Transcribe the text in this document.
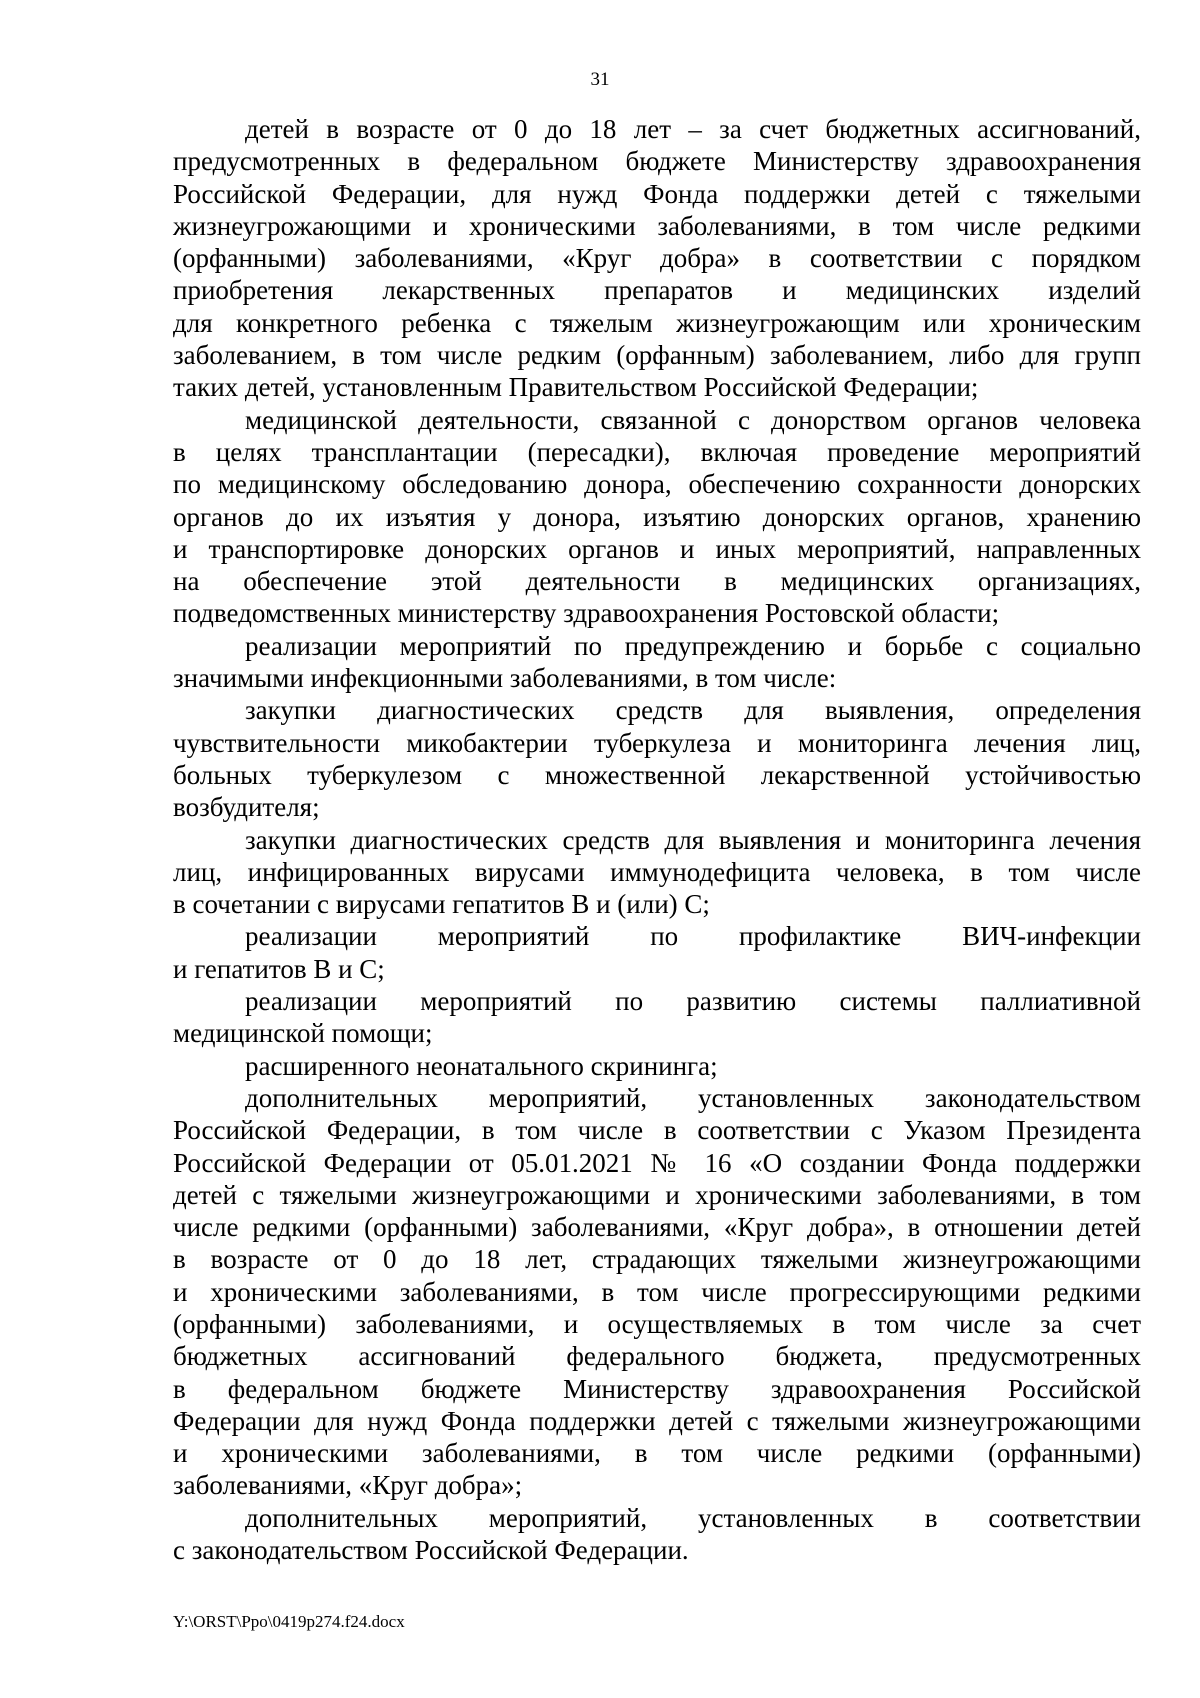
31
детей в возрасте от 0 до 18 лет – за счет бюджетных ассигнований,
предусмотренных в федеральном бюджете Министерству здравоохранения
Российской Федерации, для нужд Фонда поддержки детей с тяжелыми
жизнеугрожающими и хроническими заболеваниями, в том числе редкими
(орфанными) заболеваниями, «Круг добра» в соответствии с порядком
приобретения лекарственных препаратов и медицинских изделий
для конкретного ребенка с тяжелым жизнеугрожающим или хроническим
заболеванием, в том числе редким (орфанным) заболеванием, либо для групп
таких детей, установленным Правительством Российской Федерации;
медицинской деятельности, связанной с донорством органов человека
в целях трансплантации (пересадки), включая проведение мероприятий
по медицинскому обследованию донора, обеспечению сохранности донорских
органов до их изъятия у донора, изъятию донорских органов, хранению
и транспортировке донорских органов и иных мероприятий, направленных
на обеспечение этой деятельности в медицинских организациях,
подведомственных министерству здравоохранения Ростовской области;
реализации мероприятий по предупреждению и борьбе с социально
значимыми инфекционными заболеваниями, в том числе:
закупки диагностических средств для выявления, определения
чувствительности микобактерии туберкулеза и мониторинга лечения лиц,
больных туберкулезом с множественной лекарственной устойчивостью
возбудителя;
закупки диагностических средств для выявления и мониторинга лечения
лиц, инфицированных вирусами иммунодефицита человека, в том числе
в сочетании с вирусами гепатитов В и (или) С;
реализации мероприятий по профилактике ВИЧ-инфекции
и гепатитов В и С;
реализации мероприятий по развитию системы паллиативной
медицинской помощи;
расширенного неонатального скрининга;
дополнительных мероприятий, установленных законодательством
Российской Федерации, в том числе в соответствии с Указом Президента
Российской Федерации от 05.01.2021 № 16 «О создании Фонда поддержки
детей с тяжелыми жизнеугрожающими и хроническими заболеваниями, в том
числе редкими (орфанными) заболеваниями, «Круг добра», в отношении детей
в возрасте от 0 до 18 лет, страдающих тяжелыми жизнеугрожающими
и хроническими заболеваниями, в том числе прогрессирующими редкими
(орфанными) заболеваниями, и осуществляемых в том числе за счет
бюджетных ассигнований федерального бюджета, предусмотренных
в федеральном бюджете Министерству здравоохранения Российской
Федерации для нужд Фонда поддержки детей с тяжелыми жизнеугрожающими
и хроническими заболеваниями, в том числе редкими (орфанными)
заболеваниями, «Круг добра»;
дополнительных мероприятий, установленных в соответствии
с законодательством Российской Федерации.
Y:\ORST\Ppo\0419p274.f24.docx
